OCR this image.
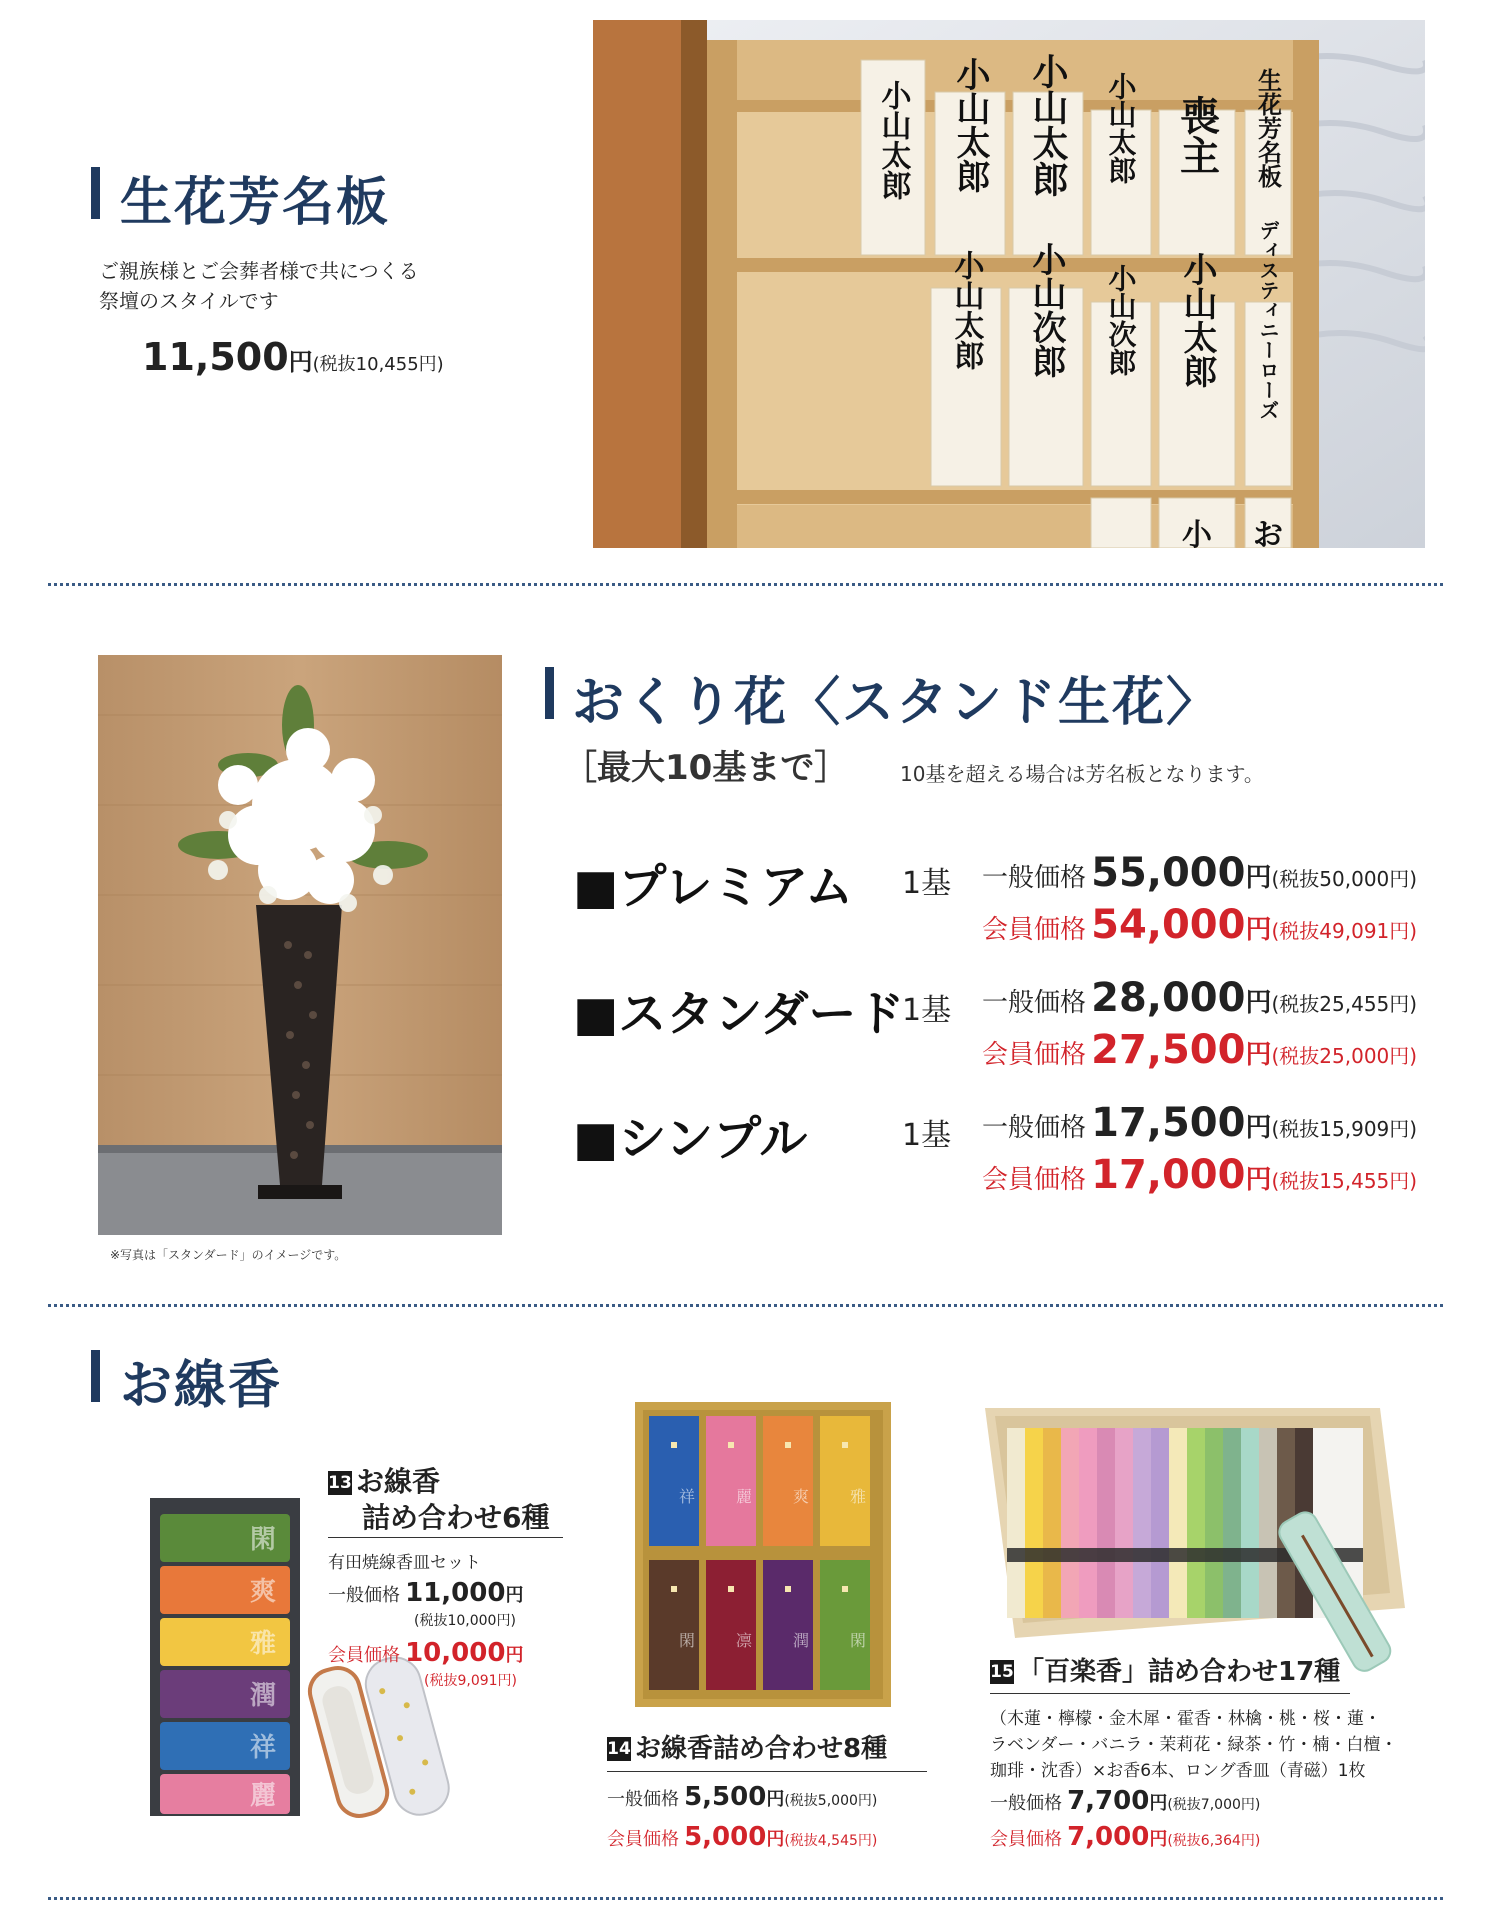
生花芳名板
ご親族様とご会葬者様で共につくる
祭壇のスタイルです
11,500円(税抜10,455円)
小山太郎 小山太郎 小山太郎 小山太郎 喪主 生花芳名板
小山太郎 小山次郎 小山次郎 小山太郎 ディスティニーローズ
小 お
※写真は「スタンダード」のイメージです。
おくり花〈スタンド生花〉
［最大10基まで］	10基を超える場合は芳名板となります。
■プレミアム 1基 一般価格 55,000円(税抜50,000円)
会員価格 54,000円(税抜49,091円)
■スタンダード
1基 一般価格 28,000円(税抜25,455円)
会員価格 27,500円(税抜25,000円)
■シンプル	1基 一般価格 17,500円(税抜15,909円)
会員価格 17,000円(税抜15,455円)
お線香
閑
爽
雅
潤
祥
麗
13 お線香
詰め合わせ6種
有田焼線香皿セット
一般価格 11,000円
(税抜10,000円)
会員価格 10,000円
(税抜9,091円)
祥	麗	爽	雅
閑	凛	潤	閑
14 お線香詰め合わせ8種
一般価格 5,500円(税抜5,000円)
会員価格 5,000円(税抜4,545円)
15 「百楽香」詰め合わせ17種
（木蓮・檸檬・金木犀・霍香・林檎・桃・桜・蓮・
ラベンダー・バニラ・茉莉花・緑茶・竹・楠・白檀・
珈琲・沈香）×お香6本、ロング香皿（青磁）1枚
一般価格 7,700円(税抜7,000円)
会員価格 7,000円(税抜6,364円)
